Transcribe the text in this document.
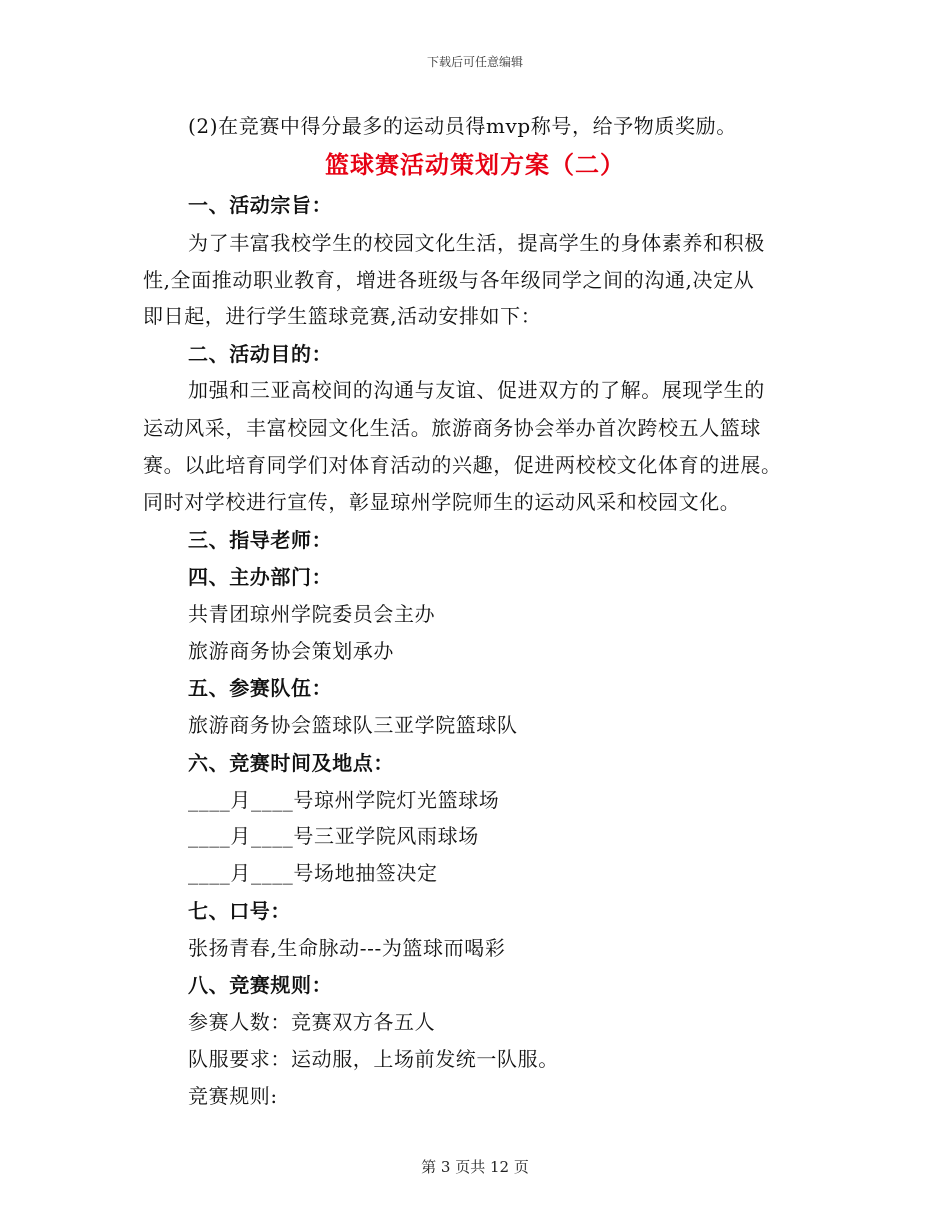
下载后可任意编辑
(2)在竞赛中得分最多的运动员得mvp称号，给予物质奖励。
篮球赛活动策划方案（二）
一、活动宗旨：
为了丰富我校学生的校园文化生活，提高学生的身体素养和积极
性,全面推动职业教育，增进各班级与各年级同学之间的沟通,决定从
即日起，进行学生篮球竞赛,活动安排如下：
二、活动目的：
加强和三亚高校间的沟通与友谊、促进双方的了解。展现学生的
运动风采，丰富校园文化生活。旅游商务协会举办首次跨校五人篮球
赛。以此培育同学们对体育活动的兴趣，促进两校校文化体育的进展。
同时对学校进行宣传，彰显琼州学院师生的运动风采和校园文化。
三、指导老师：
四、主办部门：
共青团琼州学院委员会主办
旅游商务协会策划承办
五、参赛队伍：
旅游商务协会篮球队三亚学院篮球队
六、竞赛时间及地点：
____月____号琼州学院灯光篮球场
____月____号三亚学院风雨球场
____月____号场地抽签决定
七、口号：
张扬青春,生命脉动---为篮球而喝彩
八、竞赛规则：
参赛人数：竞赛双方各五人
队服要求：运动服，上场前发统一队服。
竞赛规则:
第 3 页共 12 页
